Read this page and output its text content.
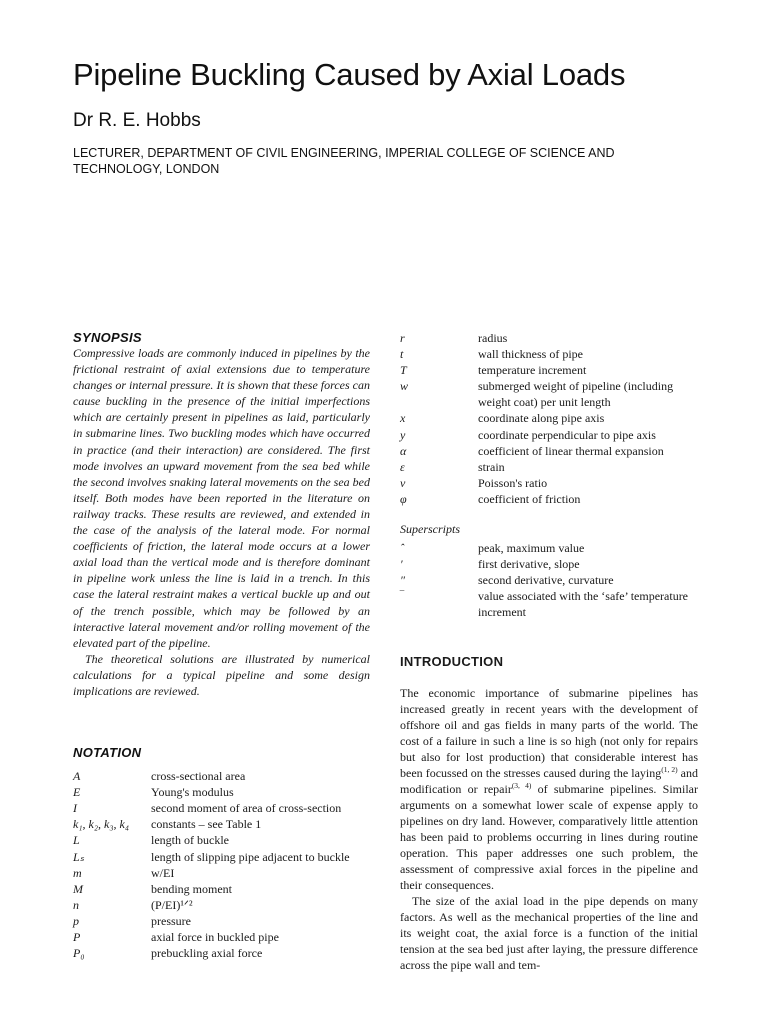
Pipeline Buckling Caused by Axial Loads
Dr R. E. Hobbs
LECTURER, DEPARTMENT OF CIVIL ENGINEERING, IMPERIAL COLLEGE OF SCIENCE AND
TECHNOLOGY, LONDON
SYNOPSIS

Compressive loads are commonly induced in pipelines by the frictional restraint of axial extensions due to temperature changes or internal pressure. It is shown that these forces can cause buckling in the presence of the initial imperfections which are certainly present in pipelines as laid, particularly in submarine lines. Two buckling modes which have occurred in practice (and their interaction) are considered. The first mode involves an upward movement from the sea bed while the second involves snaking lateral movements on the sea bed itself. Both modes have been reported in the literature on railway tracks. These results are reviewed, and extended in the case of the analysis of the lateral mode. For normal coefficients of friction, the lateral mode occurs at a lower axial load than the vertical mode and is therefore dominant in pipeline work unless the line is laid in a trench. In this case the lateral restraint makes a vertical buckle up and out of the trench possible, which may be followed by an interactive lateral movement and/or rolling movement of the elevated part of the pipeline.

The theoretical solutions are illustrated by numerical calculations for a typical pipeline and some design implications are reviewed.

NOTATION
A	cross-sectional area
E	Young's modulus
I	second moment of area of cross-section
k₁, k₂, k₃, k₄	constants – see Table 1
L	length of buckle
Lₛ	length of slipping pipe adjacent to buckle
m	w/EI
M	bending moment
n	(P/EI)¹ᐟ²
p	pressure
P	axial force in buckled pipe
P₀	prebuckling axial force
r	radius
t	wall thickness of pipe
T	temperature increment
w	submerged weight of pipeline (including weight coat) per unit length
x	coordinate along pipe axis
y	coordinate perpendicular to pipe axis
α	coefficient of linear thermal expansion
ε	strain
ν	Poisson's ratio
φ	coefficient of friction
Superscripts
ˆ	peak, maximum value
′	first derivative, slope
″	second derivative, curvature
‾	value associated with the ‘safe’ temperature increment
INTRODUCTION

The economic importance of submarine pipelines has increased greatly in recent years with the development of offshore oil and gas fields in many parts of the world. The cost of a failure in such a line is so high (not only for repairs but also for lost production) that considerable interest has been focussed on the stresses caused during the laying$^{(1, 2)}$ and modification or repair$^{(3, 4)}$ of submarine pipelines. Similar arguments on a somewhat lower scale of expense apply to pipelines on dry land. However, comparatively little attention has been paid to problems occurring in lines during routine operation. This paper addresses one such problem, the assessment of compressive axial forces in the pipeline and their consequences.

The size of the axial load in the pipe depends on many factors. As well as the mechanical properties of the line and its weight coat, the axial force is a function of the initial tension at the sea bed just after laying, the pressure difference across the pipe wall and tem-
